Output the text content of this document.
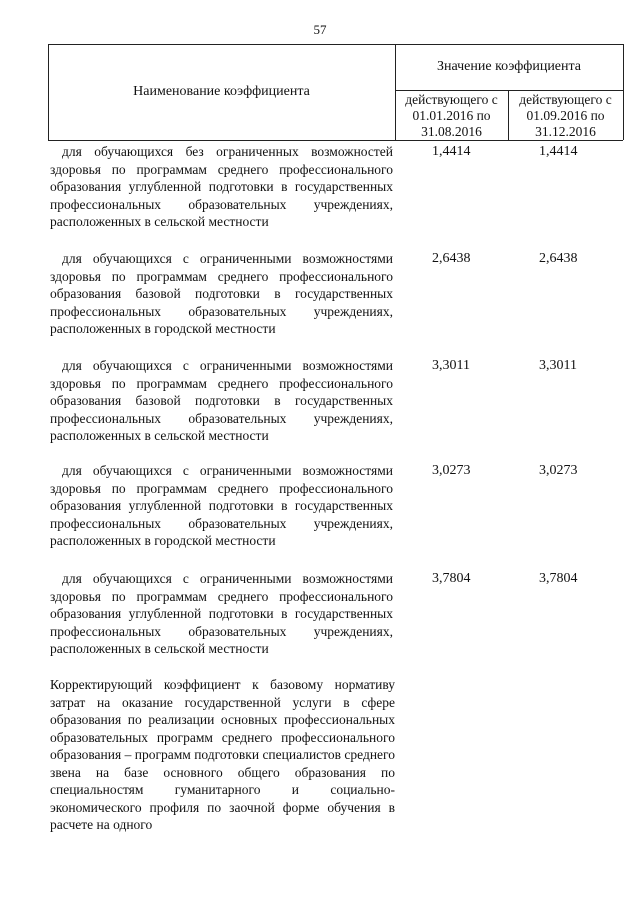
57
Наименование коэффициента
Значение коэффициента
действующего с 01.01.2016 по 31.08.2016
действующего с 01.09.2016 по 31.12.2016
для обучающихся без ограниченных возможностей здоровья по программам среднего профессионального образования углубленной подготовки в государственных профессиональных образовательных учреждениях, расположенных в сельской местности
1,4414	1,4414
для обучающихся с ограниченными возможностями здоровья по программам среднего профессионального образования базовой подготовки в государственных профессиональных образовательных учреждениях, расположенных в городской местности
2,6438	2,6438
для обучающихся с ограниченными возможностями здоровья по программам среднего профессионального образования базовой подготовки в государственных профессиональных образовательных учреждениях, расположенных в сельской местности
3,3011	3,3011
для обучающихся с ограниченными возможностями здоровья по программам среднего профессионального образования углубленной подготовки в государственных профессиональных образовательных учреждениях, расположенных в городской местности
3,0273	3,0273
для обучающихся с ограниченными возможностями здоровья по программам среднего профессионального образования углубленной подготовки в государственных профессиональных образовательных учреждениях, расположенных в сельской местности
3,7804	3,7804
Корректирующий коэффициент к базовому нормативу затрат на оказание государственной услуги в сфере образования по реализации основных профессиональных образовательных программ среднего профессионального образования – программ подготовки специалистов среднего звена на базе основного общего образования по специальностям гуманитарного и социально-экономического профиля по заочной форме обучения в расчете на одного
